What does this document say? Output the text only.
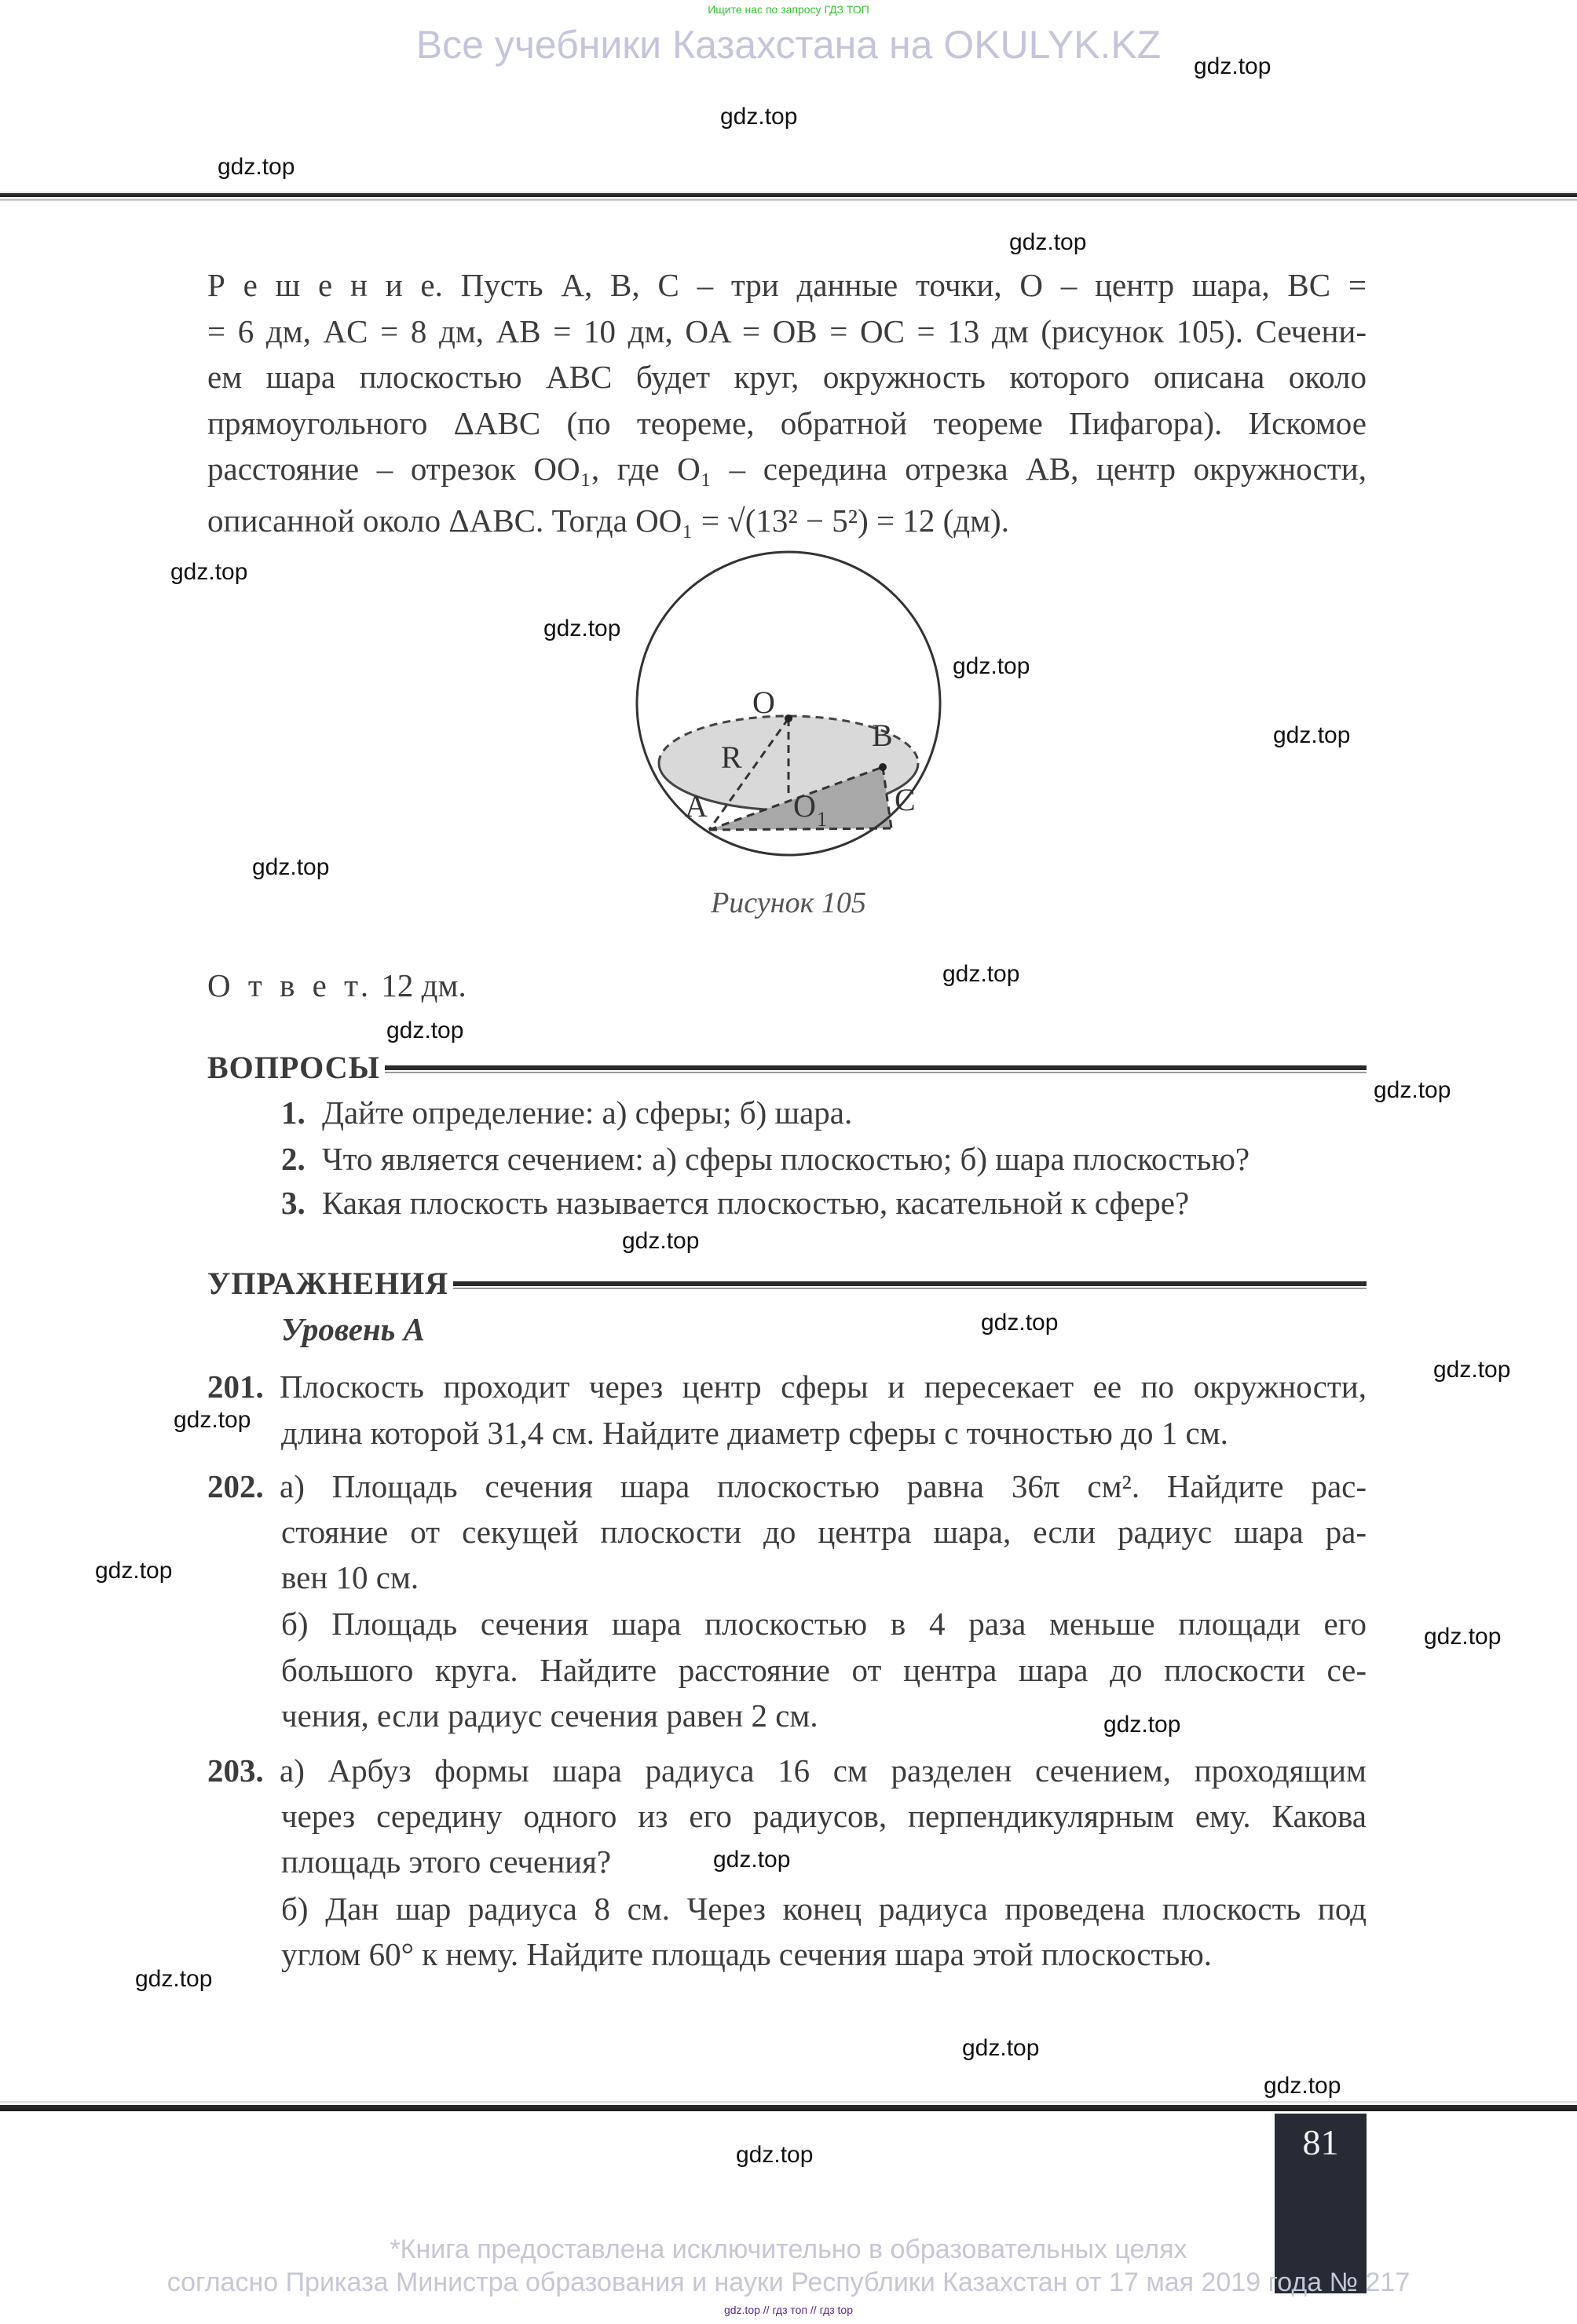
Ищите нас по запросу ГДЗ ТОП
Все учебники Казахстана на OKULYK.KZ
Р е ш е н и е. Пусть A, B, C – три данные точки, O – центр шара, BC =
= 6 дм, AC = 8 дм, AB = 10 дм, OA = OB = OC = 13 дм (рисунок 105). Сечени-
ем шара плоскостью ABC будет круг, окружность которого описана около
прямоугольного ΔABC (по теореме, обратной теореме Пифагора). Искомое
расстояние – отрезок OO₁, где O₁ – середина отрезка AB, центр окружности,
описанной около ΔABC. Тогда OO₁ = √(13² − 5²) = 12 (дм).
O
R
A
B
C
O 1
Рисунок 105
О т в е т. 12 дм.
ВОПРОСЫ
1. Дайте определение: а) сферы; б) шара.
2. Что является сечением: а) сферы плоскостью; б) шара плоскостью?
3. Какая плоскость называется плоскостью, касательной к сфере?
УПРАЖНЕНИЯ
Уровень А
201. Плоскость проходит через центр сферы и пересекает ее по окружности,
длина которой 31,4 см. Найдите диаметр сферы с точностью до 1 см.
202. а) Площадь сечения шара плоскостью равна 36π см². Найдите рас-
стояние от секущей плоскости до центра шара, если радиус шара ра-
вен 10 см.
б) Площадь сечения шара плоскостью в 4 раза меньше площади его
большого круга. Найдите расстояние от центра шара до плоскости се-
чения, если радиус сечения равен 2 см.
203. а) Арбуз формы шара радиуса 16 см разделен сечением, проходящим
через середину одного из его радиусов, перпендикулярным ему. Какова
площадь этого сечения?
б) Дан шар радиуса 8 см. Через конец радиуса проведена плоскость под
углом 60° к нему. Найдите площадь сечения шара этой плоскостью.
81
*Книга предоставлена исключительно в образовательных целях
согласно Приказа Министра образования и науки Республики Казахстан от 17 мая 2019 года № 217
gdz.top // гдз топ // гдз top
gdz.top
gdz.top
gdz.top
gdz.top
gdz.top
gdz.top
gdz.top
gdz.top
gdz.top
gdz.top
gdz.top
gdz.top
gdz.top
gdz.top
gdz.top
gdz.top
gdz.top
gdz.top
gdz.top
gdz.top
gdz.top
gdz.top
gdz.top
gdz.top
